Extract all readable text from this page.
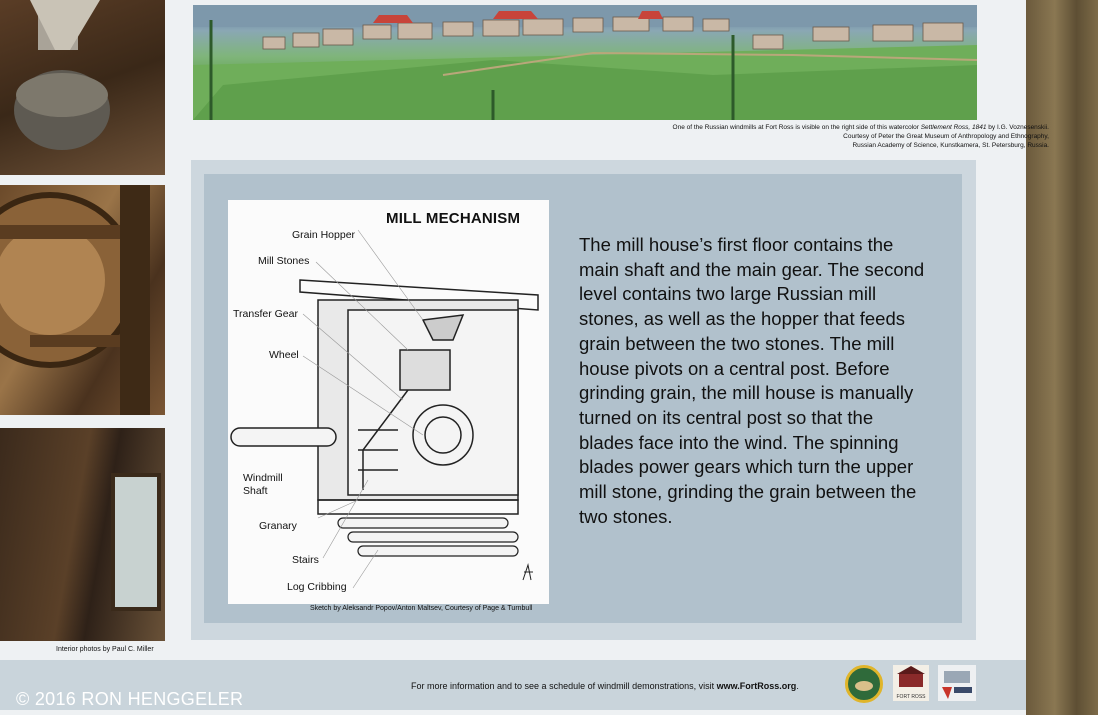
Interior photos by Paul C. Miller
One of the Russian windmills at Fort Ross is visible on the right side of this watercolor Settlement Ross, 1841 by I.G. Voznesenskii.
Courtesy of Peter the Great Museum of Anthropology and Ethnography,
Russian Academy of Science, Kunstkamera, St. Petersburg, Russia.
MILL MECHANISM
Grain Hopper
Mill Stones
Transfer Gear
Wheel
Windmill
Shaft
Granary
Stairs
Log Cribbing
Sketch by Aleksandr Popov/Anton Maltsev, Courtesy of Page & Turnbull
The mill house’s first floor contains the main shaft and the main gear. The second level contains two large Russian mill stones, as well as the hopper that feeds grain between the two stones. The mill house pivots on a central post. Before grinding grain, the mill house is manually turned on its central post so that the blades face into the wind. The spinning blades power gears which turn the upper mill stone, grinding the grain between the two stones.
For more information and to see a schedule of windmill demonstrations, visit www.FortRoss.org.
FORT ROSS
© 2016 RON HENGGELER
